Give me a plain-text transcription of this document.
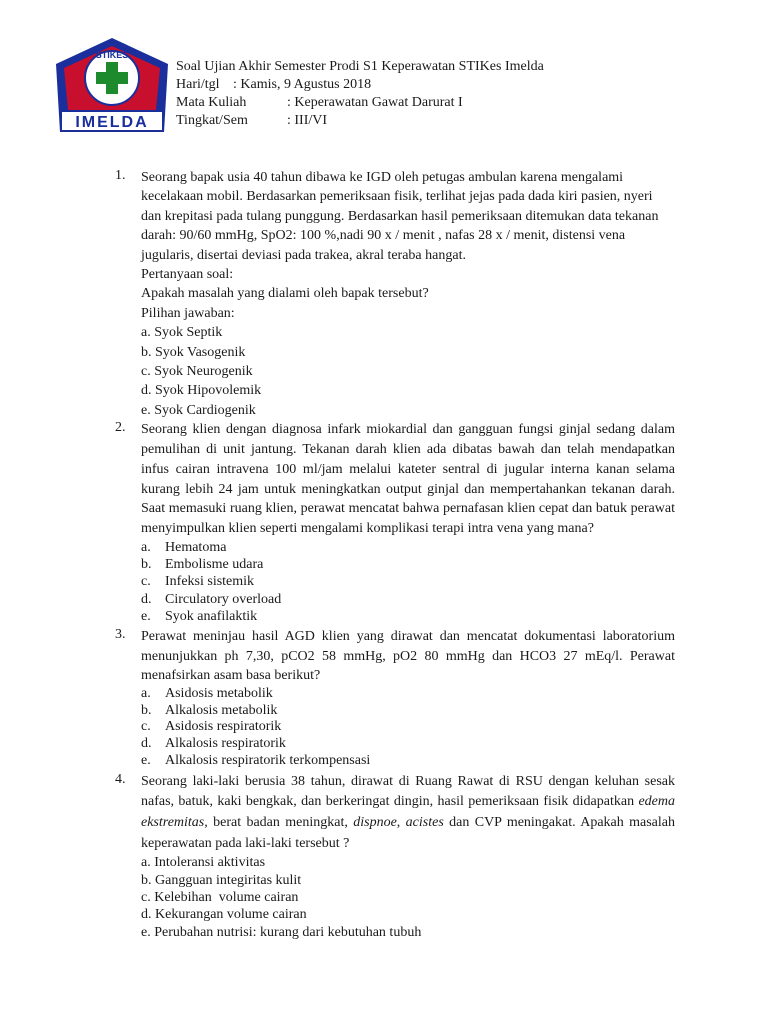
STIKES
IMELDA
Soal Ujian Akhir Semester Prodi S1 Keperawatan STIKes Imelda
Hari/tgl : Kamis, 9 Agustus 2018
Mata Kuliah	: Keperawatan Gawat Darurat I
Tingkat/Sem	: III/VI
1. Seorang bapak usia 40 tahun dibawa ke IGD oleh petugas ambulan karena mengalami kecelakaan mobil. Berdasarkan pemeriksaan fisik, terlihat jejas pada dada kiri pasien, nyeri dan krepitasi pada tulang punggung. Berdasarkan hasil pemeriksaan ditemukan data tekanan darah: 90/60 mmHg, SpO2: 100 %,nadi 90 x / menit , nafas 28 x / menit, distensi vena jugularis, disertai deviasi pada trakea, akral teraba hangat.
Pertanyaan soal:
Apakah masalah yang dialami oleh bapak tersebut?
Pilihan jawaban:
a. Syok Septik
b. Syok Vasogenik
c. Syok Neurogenik
d. Syok Hipovolemik
e. Syok Cardiogenik
2. Seorang klien dengan diagnosa infark miokardial dan gangguan fungsi ginjal sedang dalam pemulihan di unit jantung. Tekanan darah klien ada dibatas bawah dan telah mendapatkan infus cairan intravena 100 ml/jam melalui kateter sentral di jugular interna kanan selama kurang lebih 24 jam untuk meningkatkan output ginjal dan mempertahankan tekanan darah. Saat memasuki ruang klien, perawat mencatat bahwa pernafasan klien cepat dan batuk perawat menyimpulkan klien seperti mengalami komplikasi terapi intra vena yang mana?
a.	Hematoma
b. Embolisme udara
c.	Infeksi sistemik
d. Circulatory overload
e.	Syok anafilaktik
3. Perawat meninjau hasil AGD klien yang dirawat dan mencatat dokumentasi laboratorium menunjukkan ph 7,30, pCO2 58 mmHg, pO2 80 mmHg dan HCO3 27 mEq/l. Perawat menafsirkan asam basa berikut?
a.	Asidosis metabolik
b. Alkalosis metabolik
c.	Asidosis respiratorik
d. Alkalosis respiratorik
e.	Alkalosis respiratorik terkompensasi
4. Seorang laki-laki berusia 38 tahun, dirawat di Ruang Rawat di RSU dengan keluhan sesak nafas, batuk, kaki bengkak, dan berkeringat dingin, hasil pemeriksaan fisik didapatkan edema ekstremitas, berat badan meningkat, dispnoe, acistes dan CVP meningakat. Apakah masalah keperawatan pada laki-laki tersebut ?
a. Intoleransi aktivitas
b. Gangguan integiritas kulit
c. Kelebihan  volume cairan
d. Kekurangan volume cairan
e. Perubahan nutrisi: kurang dari kebutuhan tubuh
